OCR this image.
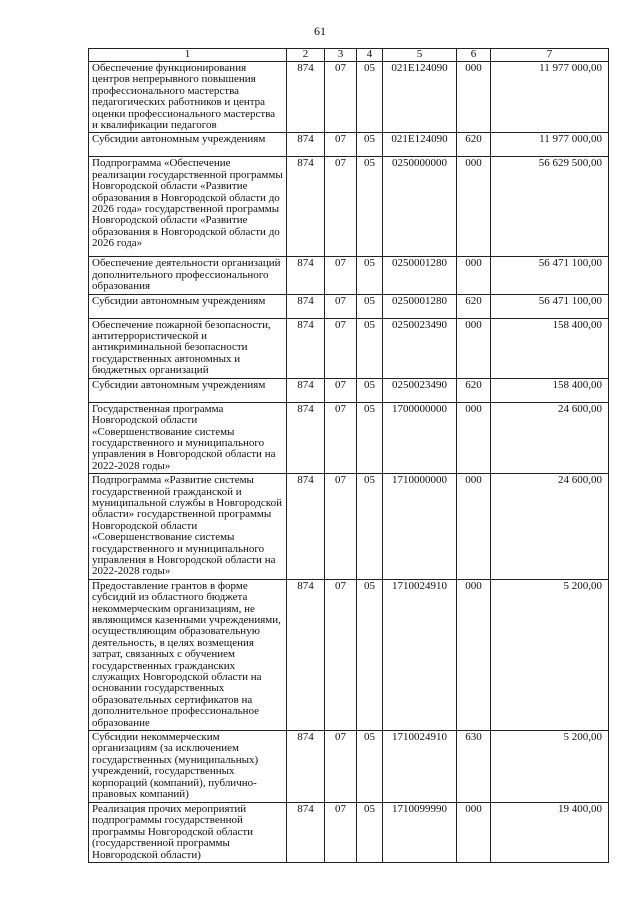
61
1	2	3	4	5	6	7
Обеспечение функционирования центров непрерывного повышения профессионального мастерства педагогических работников и центра оценки профессионального мастерства и квалификации педагогов	874	07	05	021Е124090	000	11 977 000,00
Субсидии автономным учреждениям	874	07	05	021Е124090	620	11 977 000,00
Подпрограмма «Обеспечение реализации государственной программы Новгородской области «Развитие образования в Новгородской области до 2026 года» государственной программы Новгородской области «Развитие образования в Новгородской области до 2026 года»	874	07	05	0250000000	000	56 629 500,00
Обеспечение деятельности организаций дополнительного профессионального образования	874	07	05	0250001280	000	56 471 100,00
Субсидии автономным учреждениям	874	07	05	0250001280	620	56 471 100,00
Обеспечение пожарной безопасности, антитеррористической и антикриминальной безопасности государственных автономных и бюджетных организаций	874	07	05	0250023490	000	158 400,00
Субсидии автономным учреждениям	874	07	05	0250023490	620	158 400,00
Государственная программа Новгородской области «Совершенствование системы государственного и муниципального управления в Новгородской области на 2022-2028 годы»	874	07	05	1700000000	000	24 600,00
Подпрограмма «Развитие системы государственной гражданской и муниципальной службы в Новгородской области» государственной программы Новгородской области «Совершенствование системы государственного и муниципального управления в Новгородской области на 2022-2028 годы»	874	07	05	1710000000	000	24 600,00
Предоставление грантов в форме субсидий из областного бюджета некоммерческим организациям, не являющимся казенными учреждениями, осуществляющим образовательную деятельность, в целях возмещения затрат, связанных с обучением государственных гражданских служащих Новгородской области на основании государственных образовательных сертификатов на дополнительное профессиональное образование	874	07	05	1710024910	000	5 200,00
Субсидии некоммерческим организациям (за исключением государственных (муниципальных) учреждений, государственных корпораций (компаний), публично-правовых компаний)	874	07	05	1710024910	630	5 200,00
Реализация прочих мероприятий подпрограммы государственной программы Новгородской области (государственной программы Новгородской области)	874	07	05	1710099990	000	19 400,00
